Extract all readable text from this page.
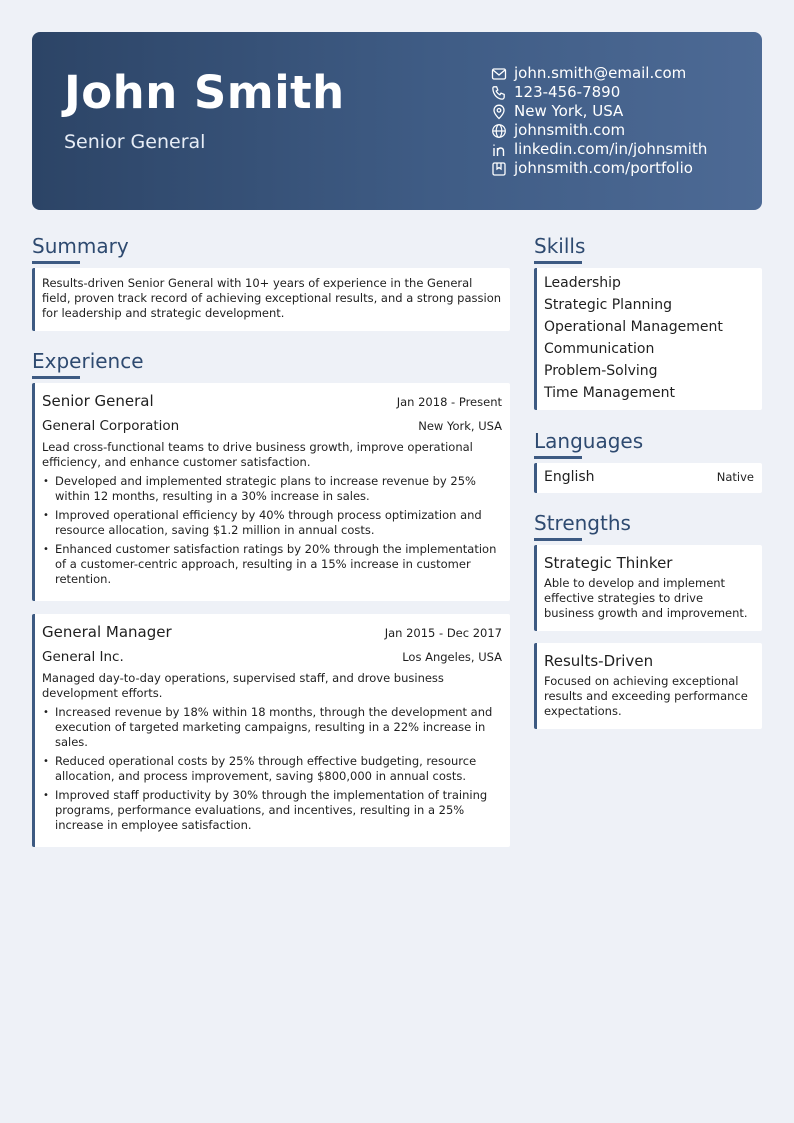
John Smith
Senior General
john.smith@email.com
123-456-7890
New York, USA
johnsmith.com
linkedin.com/in/johnsmith
johnsmith.com/portfolio
Summary
Results-driven Senior General with 10+ years of experience in the General field, proven track record of achieving exceptional results, and a strong passion for leadership and strategic development.
Experience
Senior General	Jan 2018 - Present
General Corporation	New York, USA
Lead cross-functional teams to drive business growth, improve operational efficiency, and enhance customer satisfaction.
• Developed and implemented strategic plans to increase revenue by 25% within 12 months, resulting in a 30% increase in sales.
• Improved operational efficiency by 40% through process optimization and resource allocation, saving $1.2 million in annual costs.
• Enhanced customer satisfaction ratings by 20% through the implementation of a customer-centric approach, resulting in a 15% increase in customer retention.
General Manager	Jan 2015 - Dec 2017
General Inc.	Los Angeles, USA
Managed day-to-day operations, supervised staff, and drove business development efforts.
• Increased revenue by 18% within 18 months, through the development and execution of targeted marketing campaigns, resulting in a 22% increase in sales.
• Reduced operational costs by 25% through effective budgeting, resource allocation, and process improvement, saving $800,000 in annual costs.
• Improved staff productivity by 30% through the implementation of training programs, performance evaluations, and incentives, resulting in a 25% increase in employee satisfaction.
Skills
Leadership
Strategic Planning
Operational Management
Communication
Problem-Solving
Time Management
Languages
English	Native
Strengths
Strategic Thinker
Able to develop and implement effective strategies to drive business growth and improvement.
Results-Driven
Focused on achieving exceptional results and exceeding performance expectations.
